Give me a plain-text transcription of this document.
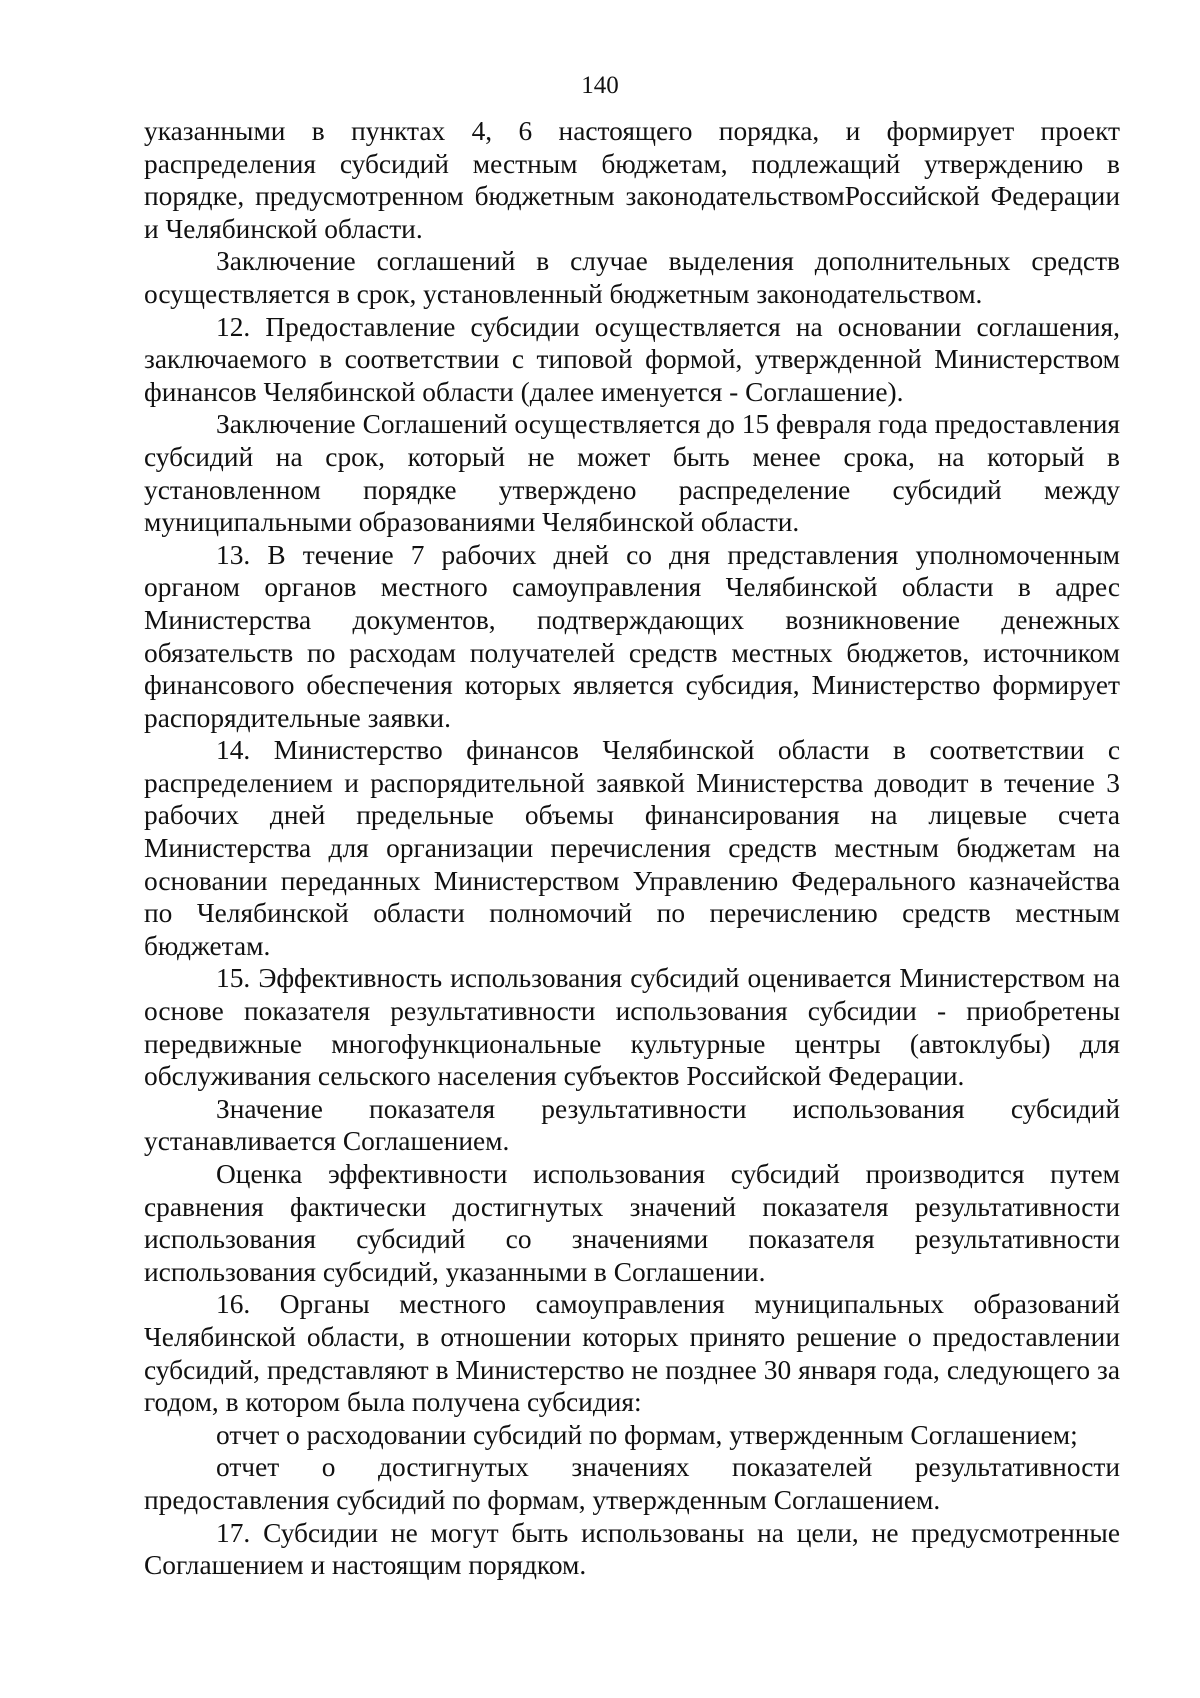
140

указанными в пунктах 4, 6 настоящего порядка, и формирует проект распределения субсидий местным бюджетам, подлежащий утверждению в порядке, предусмотренном бюджетным законодательствомРоссийской Федерации и Челябинской области.

Заключение соглашений в случае выделения дополнительных средств осуществляется в срок, установленный бюджетным законодательством.

12. Предоставление субсидии осуществляется на основании соглашения, заключаемого в соответствии с типовой формой, утвержденной Министерством финансов Челябинской области (далее именуется - Соглашение).

Заключение Соглашений осуществляется до 15 февраля года предоставления субсидий на срок, который не может быть менее срока, на который в установленном порядке утверждено распределение субсидий между муниципальными образованиями Челябинской области.

13. В течение 7 рабочих дней со дня представления уполномоченным органом органов местного самоуправления Челябинской области в адрес Министерства документов, подтверждающих возникновение денежных обязательств по расходам получателей средств местных бюджетов, источником финансового обеспечения которых является субсидия, Министерство формирует распорядительные заявки.

14. Министерство финансов Челябинской области в соответствии с распределением и распорядительной заявкой Министерства доводит в течение 3 рабочих дней предельные объемы финансирования на лицевые счета Министерства для организации перечисления средств местным бюджетам на основании переданных Министерством Управлению Федерального казначейства по Челябинской области полномочий по перечислению средств местным бюджетам.

15. Эффективность использования субсидий оценивается Министерством на основе показателя результативности использования субсидии - приобретены передвижные многофункциональные культурные центры (автоклубы) для обслуживания сельского населения субъектов Российской Федерации.

Значение показателя результативности использования субсидий устанавливается Соглашением.

Оценка эффективности использования субсидий производится путем сравнения фактически достигнутых значений показателя результативности использования субсидий со значениями показателя результативности использования субсидий, указанными в Соглашении.

16. Органы местного самоуправления муниципальных образований Челябинской области, в отношении которых принято решение о предоставлении субсидий, представляют в Министерство не позднее 30 января года, следующего за годом, в котором была получена субсидия:

отчет о расходовании субсидий по формам, утвержденным Соглашением;

отчет о достигнутых значениях показателей результативности предоставления субсидий по формам, утвержденным Соглашением.

17. Субсидии не могут быть использованы на цели, не предусмотренные Соглашением и настоящим порядком.
